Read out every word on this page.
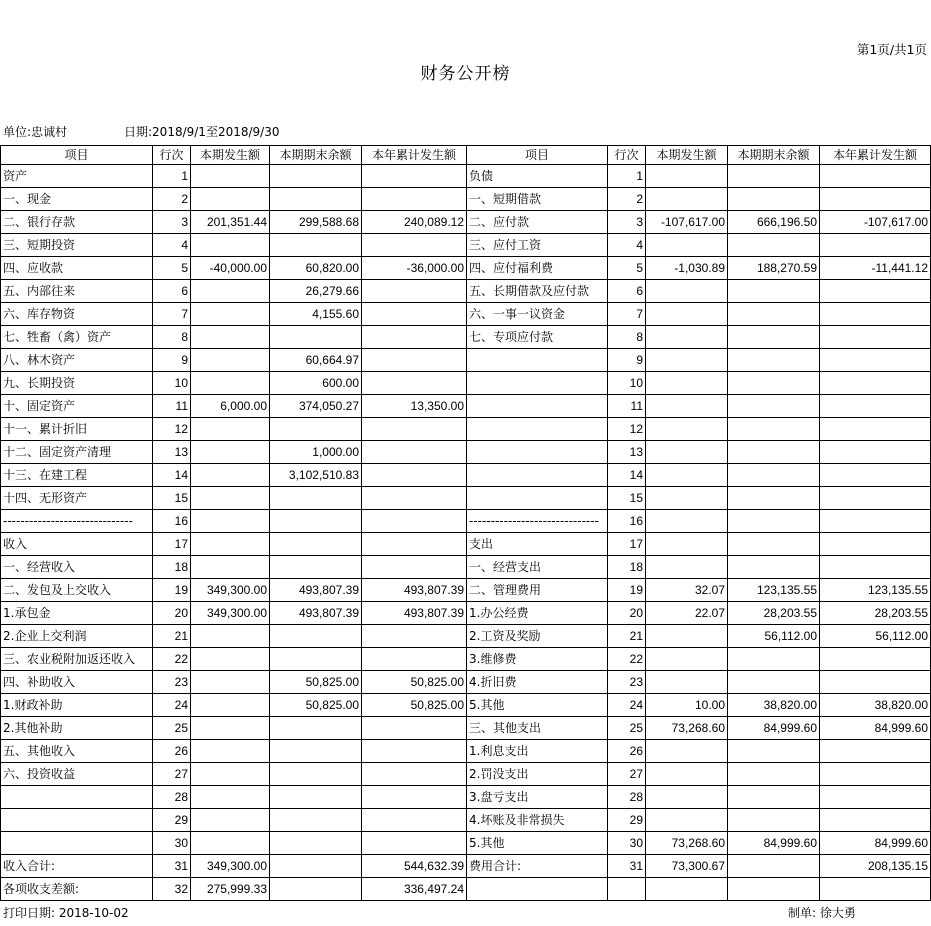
第1页/共1页
财务公开榜
单位:忠诚村	日期:2018/9/1至2018/9/30
项目	行次	本期发生额	本期期末余额	本年累计发生额	项目	行次	本期发生额	本期期末余额	本年累计发生额
资产	1				负债	1			
一、现金	2				一、短期借款	2			
二、银行存款	3	201,351.44	299,588.68	240,089.12	二、应付款	3	-107,617.00	666,196.50	-107,617.00
三、短期投资	4				三、应付工资	4			
四、应收款	5	-40,000.00	60,820.00	-36,000.00	四、应付福利费	5	-1,030.89	188,270.59	-11,441.12
五、内部往来	6		26,279.66		五、长期借款及应付款	6			
六、库存物资	7		4,155.60		六、一事一议资金	7			
七、牲畜（禽）资产	8				七、专项应付款	8			
八、林木资产	9		60,664.97			9			
九、长期投资	10		600.00			10			
十、固定资产	11	6,000.00	374,050.27	13,350.00		11			
十一、累计折旧	12					12			
十二、固定资产清理	13		1,000.00			13			
十三、在建工程	14		3,102,510.83			14			
十四、无形资产	15					15			
------------------------------	16				------------------------------	16			
收入	17				支出	17			
一、经营收入	18				一、经营支出	18			
二、发包及上交收入	19	349,300.00	493,807.39	493,807.39	二、管理费用	19	32.07	123,135.55	123,135.55
1.承包金	20	349,300.00	493,807.39	493,807.39	1.办公经费	20	22.07	28,203.55	28,203.55
2.企业上交利润	21				2.工资及奖励	21		56,112.00	56,112.00
三、农业税附加返还收入	22				3.维修费	22			
四、补助收入	23		50,825.00	50,825.00	4.折旧费	23			
1.财政补助	24		50,825.00	50,825.00	5.其他	24	10.00	38,820.00	38,820.00
2.其他补助	25				三、其他支出	25	73,268.60	84,999.60	84,999.60
五、其他收入	26				1.利息支出	26			
六、投资收益	27				2.罚没支出	27			
	28				3.盘亏支出	28			
	29				4.坏账及非常损失	29			
	30				5.其他	30	73,268.60	84,999.60	84,999.60
收入合计:	31	349,300.00		544,632.39	费用合计:	31	73,300.67		208,135.15
各项收支差额:	32	275,999.33		336,497.24					
打印日期: 2018-10-02	制单: 徐大勇
